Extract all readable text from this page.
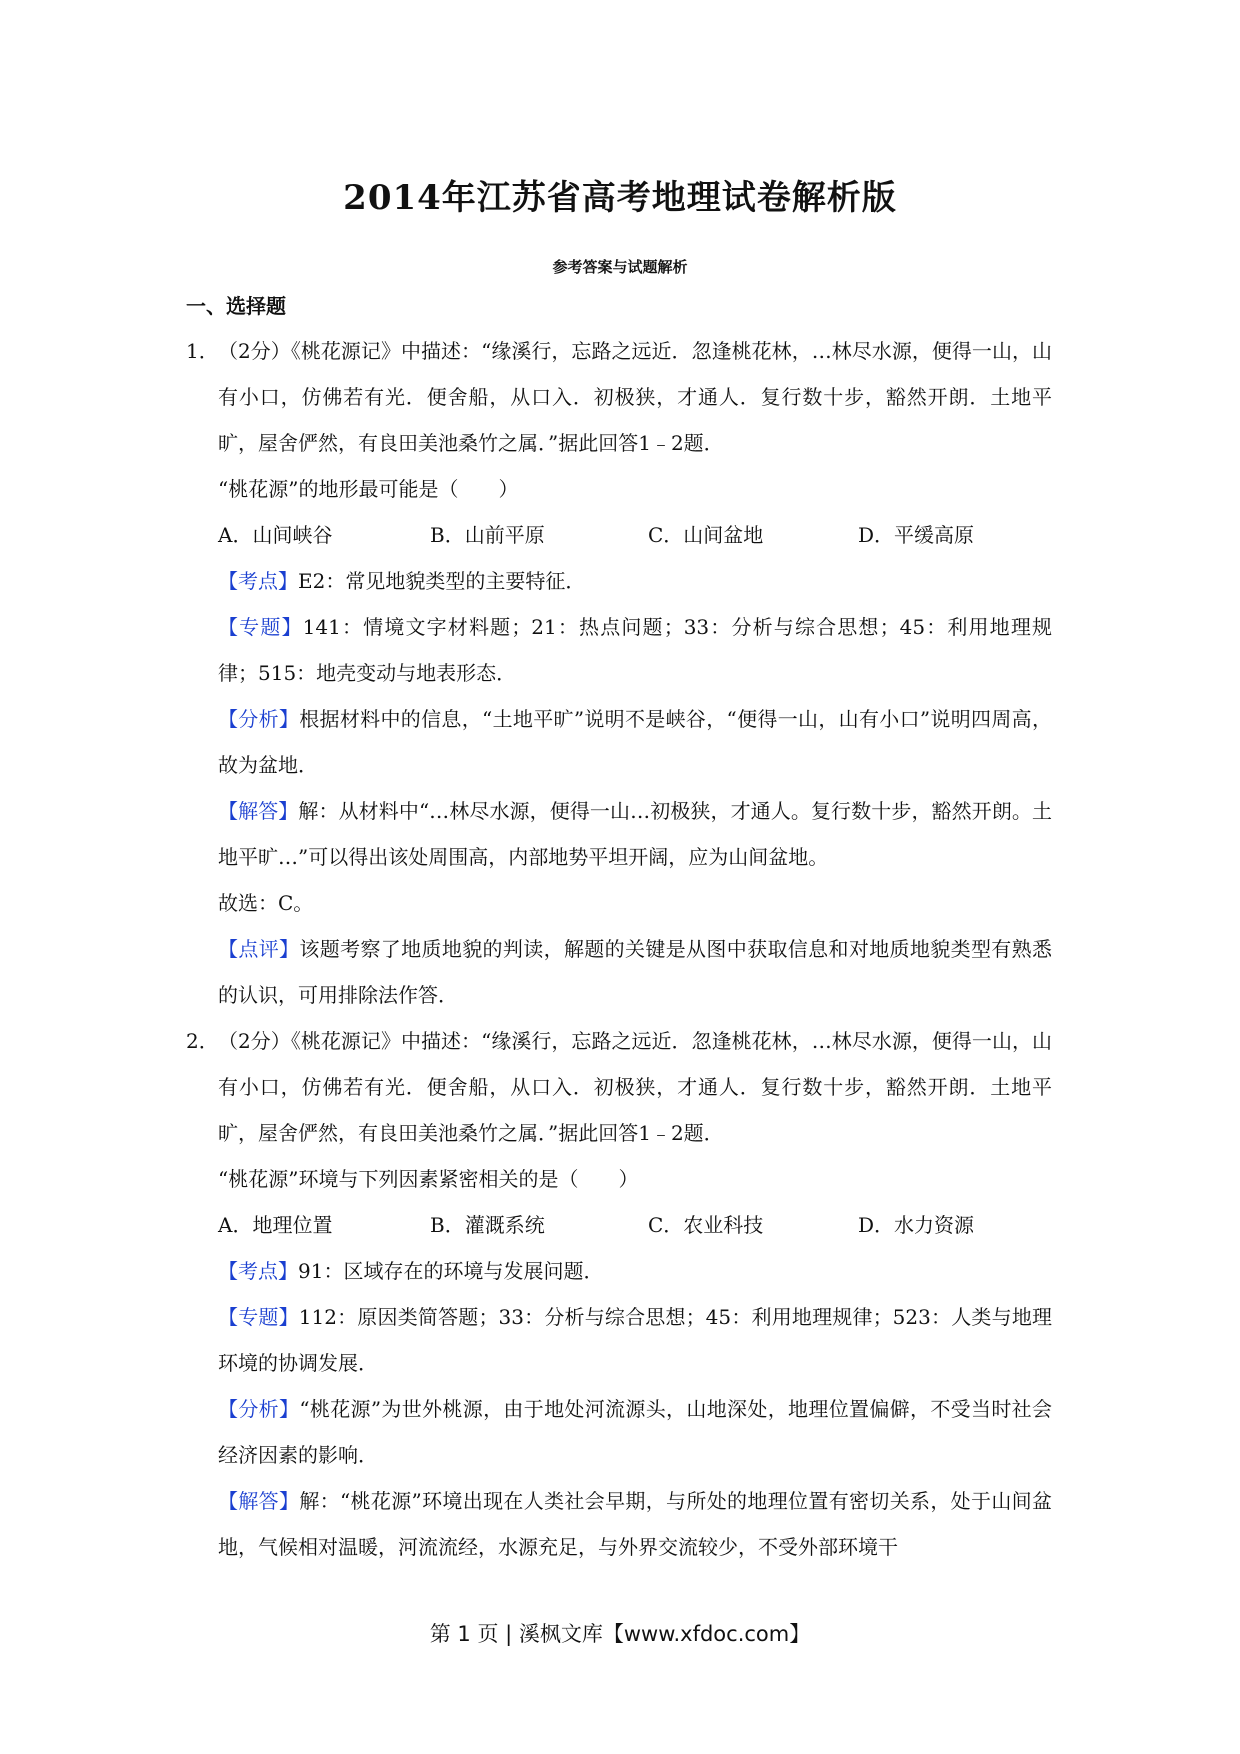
2014年江苏省高考地理试卷解析版
参考答案与试题解析
一、选择题
1． （2分）《桃花源记》中描述：“缘溪行，忘路之远近．忽逢桃花林，…林尽水源，便得一山，山有小口，仿佛若有光．便舍船，从口入．初极狭，才通人．复行数十步，豁然开朗．土地平旷，屋舍俨然，有良田美池桑竹之属．”据此回答1﹣2题．
“桃花源”的地形最可能是（　　）
A．山间峡谷	B．山前平原	C．山间盆地	D．平缓高原
【考点】E2：常见地貌类型的主要特征．
【专题】141：情境文字材料题；21：热点问题；33：分析与综合思想；45：利用地理规律；515：地壳变动与地表形态．
【分析】根据材料中的信息，“土地平旷”说明不是峡谷，“便得一山，山有小口”说明四周高，故为盆地．
【解答】解：从材料中“…林尽水源，便得一山…初极狭，才通人。复行数十步，豁然开朗。土地平旷…”可以得出该处周围高，内部地势平坦开阔，应为山间盆地。
故选：C。
【点评】该题考察了地质地貌的判读，解题的关键是从图中获取信息和对地质地貌类型有熟悉的认识，可用排除法作答．
2． （2分）《桃花源记》中描述：“缘溪行，忘路之远近．忽逢桃花林，…林尽水源，便得一山，山有小口，仿佛若有光．便舍船，从口入．初极狭，才通人．复行数十步，豁然开朗．土地平旷，屋舍俨然，有良田美池桑竹之属．”据此回答1﹣2题．
“桃花源”环境与下列因素紧密相关的是（　　）
A．地理位置	B．灌溉系统	C．农业科技	D．水力资源
【考点】91：区域存在的环境与发展问题．
【专题】112：原因类简答题；33：分析与综合思想；45：利用地理规律；523：人类与地理环境的协调发展．
【分析】“桃花源”为世外桃源，由于地处河流源头，山地深处，地理位置偏僻，不受当时社会经济因素的影响．
【解答】解：“桃花源”环境出现在人类社会早期，与所处的地理位置有密切关系，处于山间盆地，气候相对温暖，河流流经，水源充足，与外界交流较少，不受外部环境干
第 1 页 | 溪枫文库【www.xfdoc.com】
